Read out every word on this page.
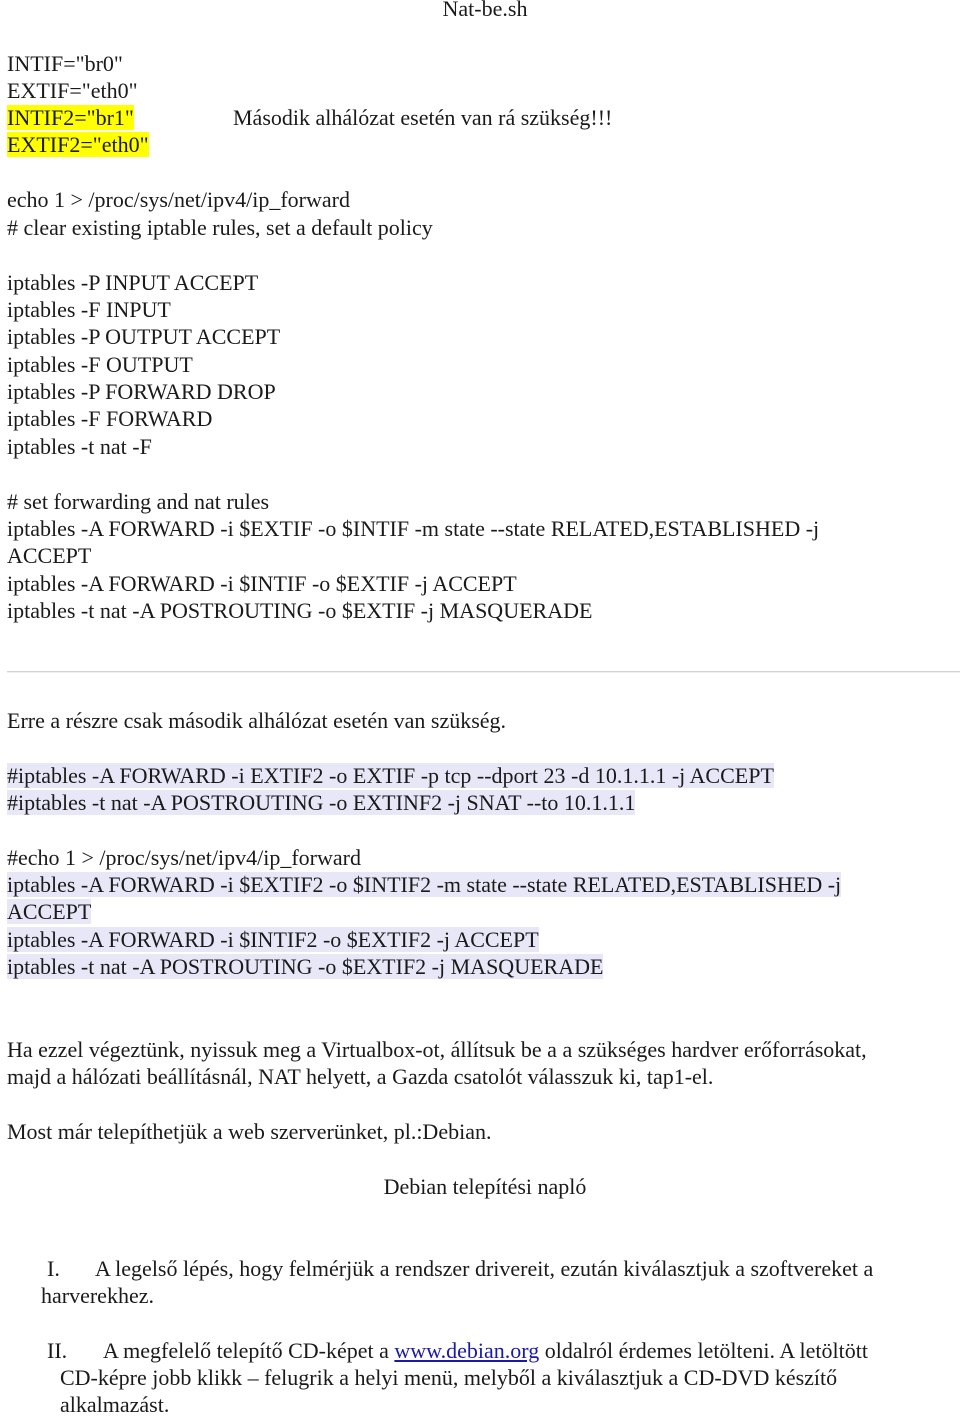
Nat-be.sh
INTIF="br0"
EXTIF="eth0"
INTIF2="br1"
EXTIF2="eth0"
Második alhálózat esetén van rá szükség!!!
echo 1 > /proc/sys/net/ipv4/ip_forward
# clear existing iptable rules, set a default policy
iptables -P INPUT ACCEPT
iptables -F INPUT
iptables -P OUTPUT ACCEPT
iptables -F OUTPUT
iptables -P FORWARD DROP
iptables -F FORWARD
iptables -t nat -F
# set forwarding and nat rules
iptables -A FORWARD -i $EXTIF -o $INTIF -m state --state RELATED,ESTABLISHED -j
ACCEPT
iptables -A FORWARD -i $INTIF -o $EXTIF -j ACCEPT
iptables -t nat -A POSTROUTING -o $EXTIF -j MASQUERADE
Erre a részre csak második alhálózat esetén van szükség.
#iptables -A FORWARD -i EXTIF2 -o EXTIF -p tcp --dport 23 -d 10.1.1.1 -j ACCEPT
#iptables -t nat -A POSTROUTING -o EXTINF2 -j SNAT --to 10.1.1.1
#echo 1 > /proc/sys/net/ipv4/ip_forward
iptables -A FORWARD -i $EXTIF2 -o $INTIF2 -m state --state RELATED,ESTABLISHED -j
ACCEPT
iptables -A FORWARD -i $INTIF2 -o $EXTIF2 -j ACCEPT
iptables -t nat -A POSTROUTING -o $EXTIF2 -j MASQUERADE
Ha ezzel végeztünk, nyissuk meg a Virtualbox-ot, állítsuk be a a szükséges hardver erőforrásokat,
majd a hálózati beállításnál, NAT helyett, a Gazda csatolót válasszuk ki, tap1-el.
Most már telepíthetjük a web szerverünket, pl.:Debian.
Debian telepítési napló
I. A legelső lépés, hogy felmérjük a rendszer drivereit, ezután kiválasztjuk a szoftvereket a
harverekhez.
II. A megfelelő telepítő CD-képet a www.debian.org oldalról érdemes letölteni. A letöltött
CD-képre jobb klikk – felugrik a helyi menü, melyből a kiválasztjuk a CD-DVD készítő
alkalmazást.
